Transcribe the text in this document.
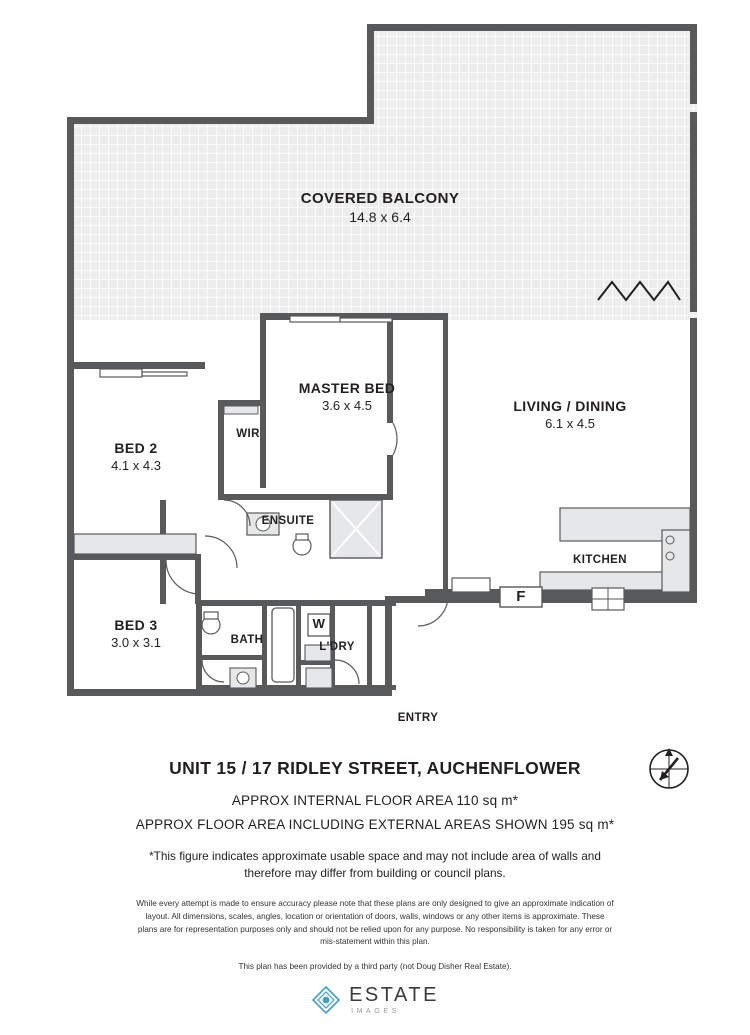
COVERED BALCONY
14.8 x 6.4
MASTER BED
3.6 x 4.5	LIVING / DINING
6.1 x 4.5
BED 2
4.1 x 4.3
BED 3
3.0 x 3.1
WIR
ENSUITE
KITCHEN
BATH
L'DRY
ENTRY
F
W
UNIT 15 / 17 RIDLEY STREET, AUCHENFLOWER
APPROX INTERNAL FLOOR AREA 110 sq m*
APPROX FLOOR AREA INCLUDING EXTERNAL AREAS SHOWN 195 sq m*
*This figure indicates approximate usable space and may not include area of walls and
therefore may differ from building or council plans.
While every attempt is made to ensure accuracy please note that these plans are only designed to give an approximate indication of layout. All dimensions, scales, angles, location or orientation of doors, walls, windows or any other items is approximate. These plans are for representation purposes only and should not be relied upon for any purpose. No responsibility is taken for any error or mis-statement within this plan.
This plan has been provided by a third party (not Doug Disher Real Estate).
ESTATE
IMAGES
